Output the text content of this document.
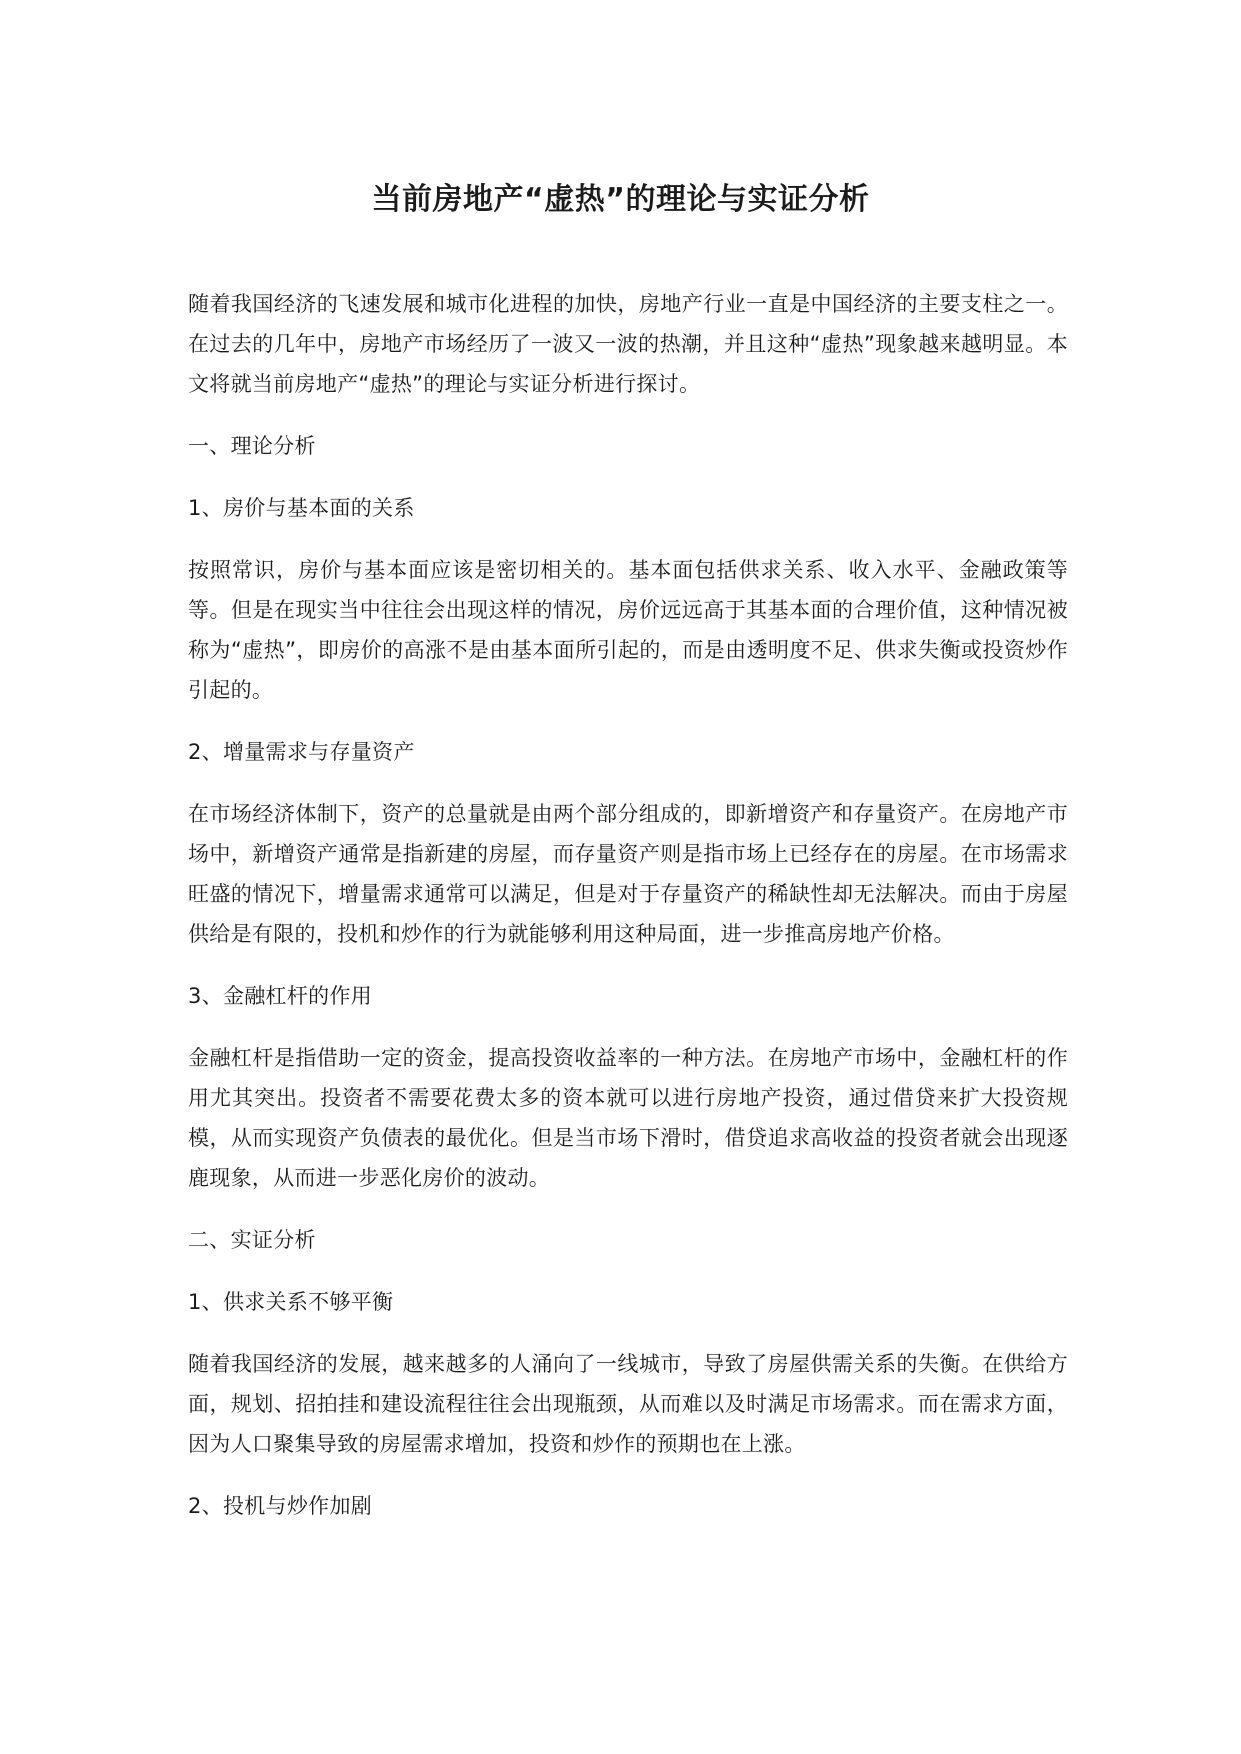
当前房地产“虚热”的理论与实证分析

随着我国经济的飞速发展和城市化进程的加快，房地产行业一直是中国经济的主要支柱之一。在过去的几年中，房地产市场经历了一波又一波的热潮，并且这种“虚热”现象越来越明显。本文将就当前房地产“虚热”的理论与实证分析进行探讨。

一、理论分析

1、房价与基本面的关系

按照常识，房价与基本面应该是密切相关的。基本面包括供求关系、收入水平、金融政策等等。但是在现实当中往往会出现这样的情况，房价远远高于其基本面的合理价值，这种情况被称为“虚热”，即房价的高涨不是由基本面所引起的，而是由透明度不足、供求失衡或投资炒作引起的。

2、增量需求与存量资产

在市场经济体制下，资产的总量就是由两个部分组成的，即新增资产和存量资产。在房地产市场中，新增资产通常是指新建的房屋，而存量资产则是指市场上已经存在的房屋。在市场需求旺盛的情况下，增量需求通常可以满足，但是对于存量资产的稀缺性却无法解决。而由于房屋供给是有限的，投机和炒作的行为就能够利用这种局面，进一步推高房地产价格。

3、金融杠杆的作用

金融杠杆是指借助一定的资金，提高投资收益率的一种方法。在房地产市场中，金融杠杆的作用尤其突出。投资者不需要花费太多的资本就可以进行房地产投资，通过借贷来扩大投资规模，从而实现资产负债表的最优化。但是当市场下滑时，借贷追求高收益的投资者就会出现逐鹿现象，从而进一步恶化房价的波动。

二、实证分析

1、供求关系不够平衡

随着我国经济的发展，越来越多的人涌向了一线城市，导致了房屋供需关系的失衡。在供给方面，规划、招拍挂和建设流程往往会出现瓶颈，从而难以及时满足市场需求。而在需求方面，因为人口聚集导致的房屋需求增加，投资和炒作的预期也在上涨。

2、投机与炒作加剧
